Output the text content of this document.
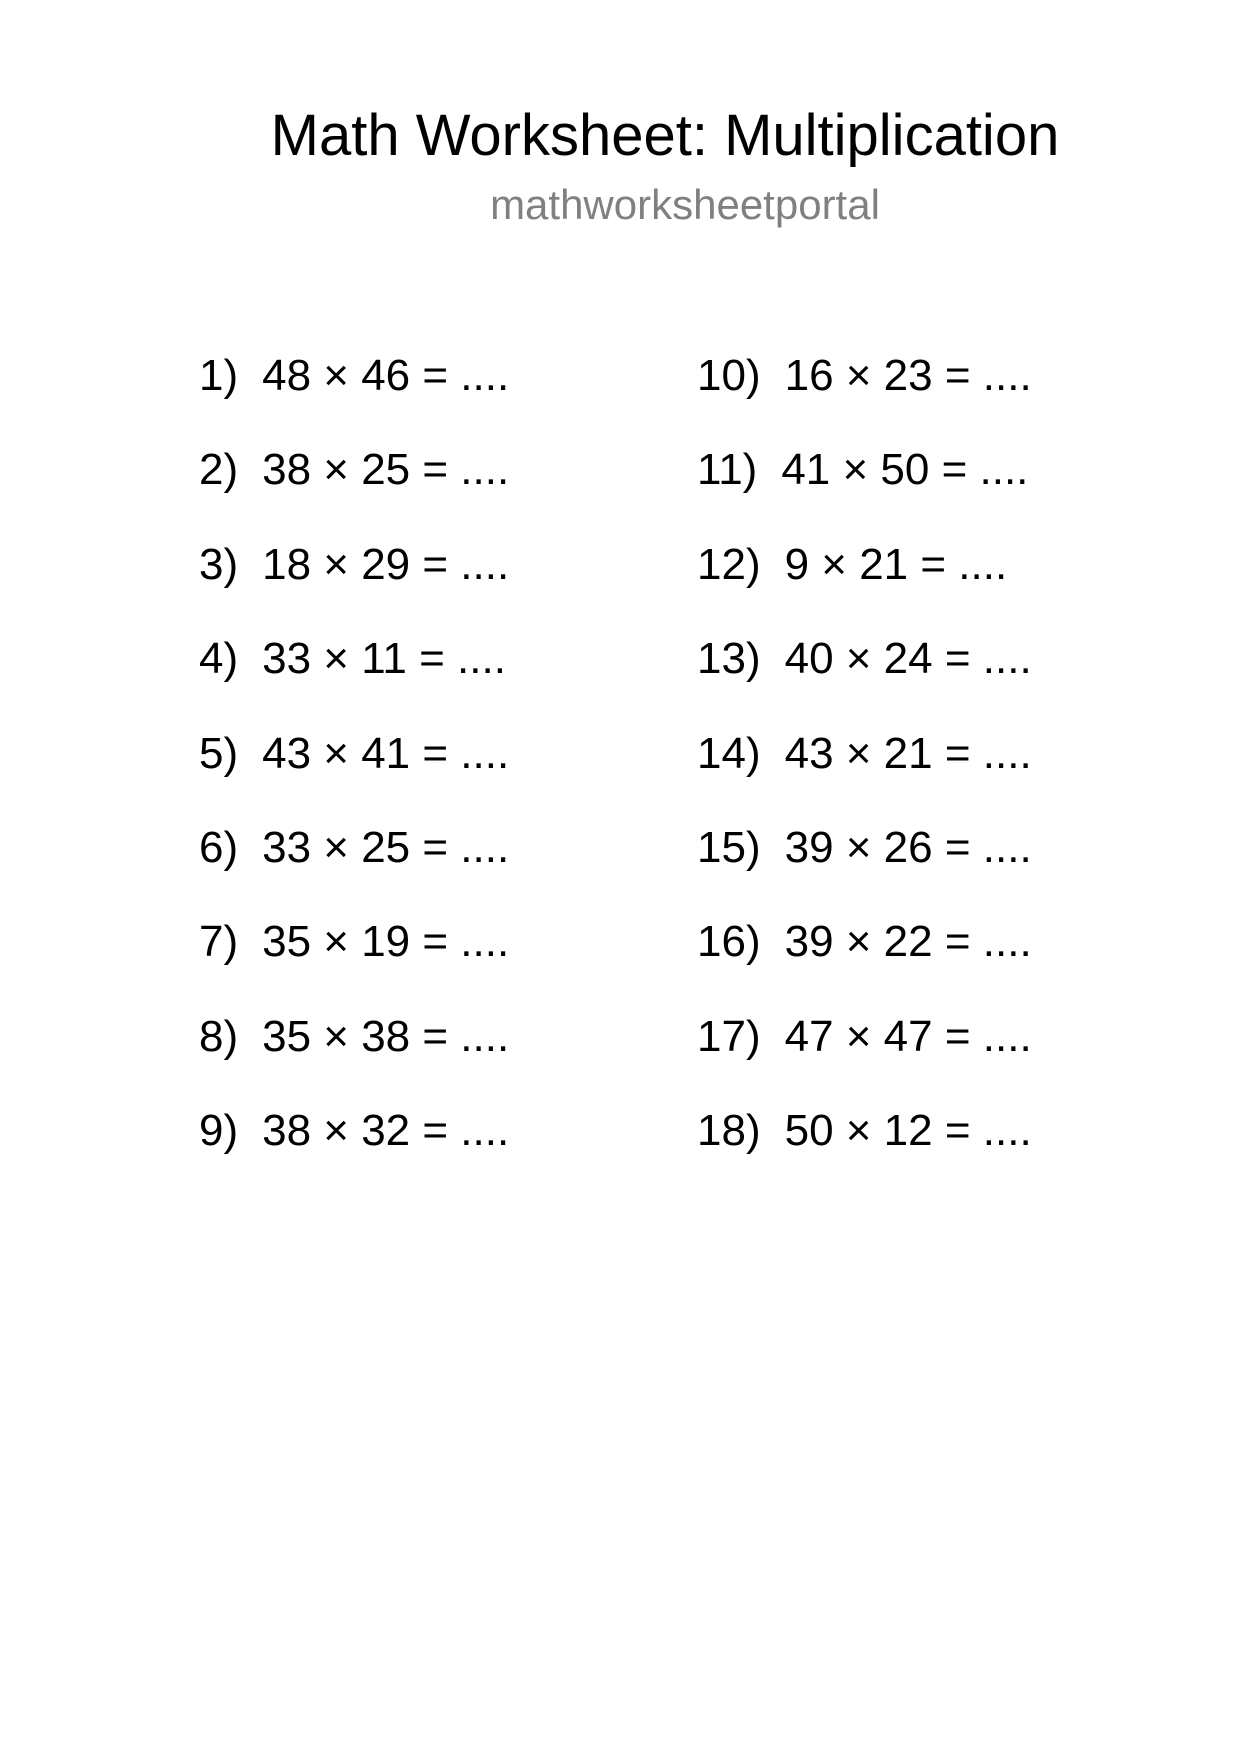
Math Worksheet: Multiplication
mathworksheetportal
1) 48 × 46 = ....
2) 38 × 25 = ....
3) 18 × 29 = ....
4) 33 × 11 = ....
5) 43 × 41 = ....
6) 33 × 25 = ....
7) 35 × 19 = ....
8) 35 × 38 = ....
9) 38 × 32 = ....
10) 16 × 23 = ....
11) 41 × 50 = ....
12) 9 × 21 = ....
13) 40 × 24 = ....
14) 43 × 21 = ....
15) 39 × 26 = ....
16) 39 × 22 = ....
17) 47 × 47 = ....
18) 50 × 12 = ....
